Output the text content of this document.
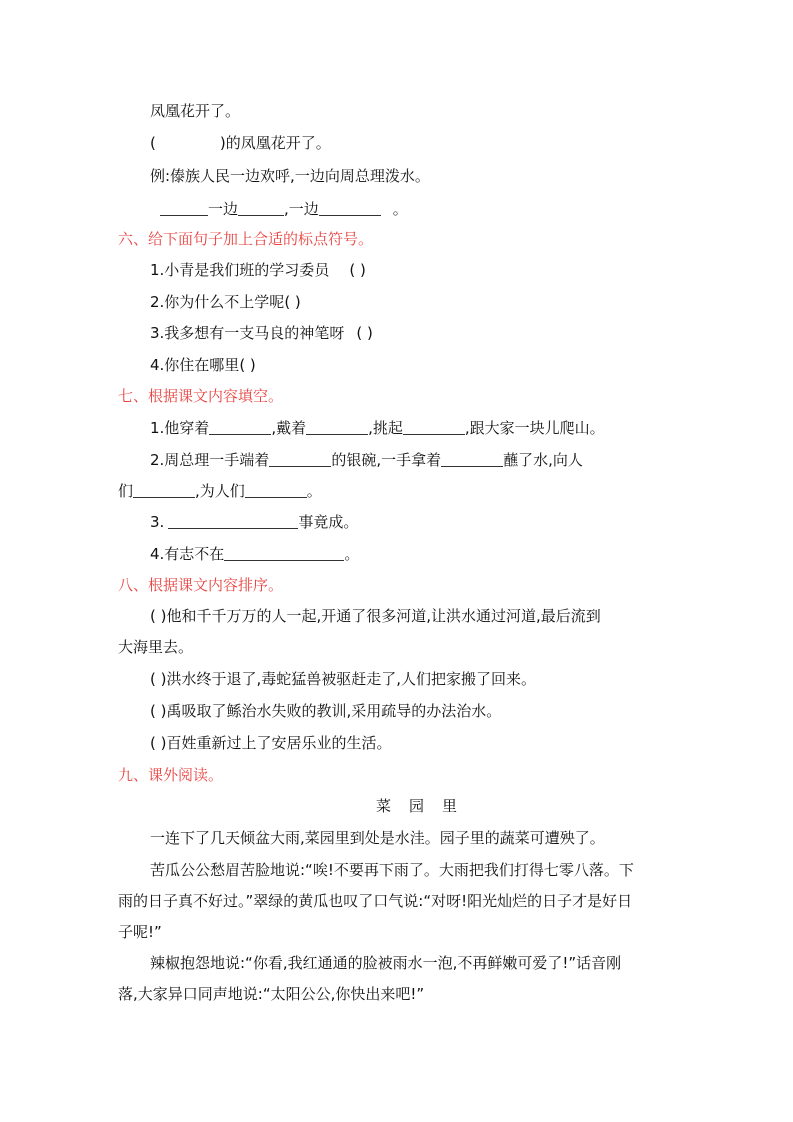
凤凰花开了。
(	)的凤凰花开了。
例:傣族人民一边欢呼,一边向周总理泼水。
一边	,一边	。
六、给下面句子加上合适的标点符号。
1.小青是我们班的学习委员 ( )
2.你为什么不上学呢( )
3.我多想有一支马良的神笔呀 ( )
4.你住在哪里( )
七、根据课文内容填空。
1.他穿着	,戴着	,挑起	,跟大家一块儿爬山。
2.周总理一手端着	的银碗,一手拿着	蘸了水,向人
们	,为人们	。
3.	事竟成。
4.有志不在	。
八、根据课文内容排序。
( )他和千千万万的人一起,开通了很多河道,让洪水通过河道,最后流到
大海里去。
( )洪水终于退了,毒蛇猛兽被驱赶走了,人们把家搬了回来。
( )禹吸取了鲧治水失败的教训,采用疏导的办法治水。
( )百姓重新过上了安居乐业的生活。
九、课外阅读。
菜园里
一连下了几天倾盆大雨,菜园里到处是水洼。园子里的蔬菜可遭殃了。
苦瓜公公愁眉苦脸地说:“唉!不要再下雨了。大雨把我们打得七零八落。下
雨的日子真不好过。”翠绿的黄瓜也叹了口气说:“对呀!阳光灿烂的日子才是好日
子呢!”
辣椒抱怨地说:“你看,我红通通的脸被雨水一泡,不再鲜嫩可爱了!”话音刚
落,大家异口同声地说:“太阳公公,你快出来吧!”
